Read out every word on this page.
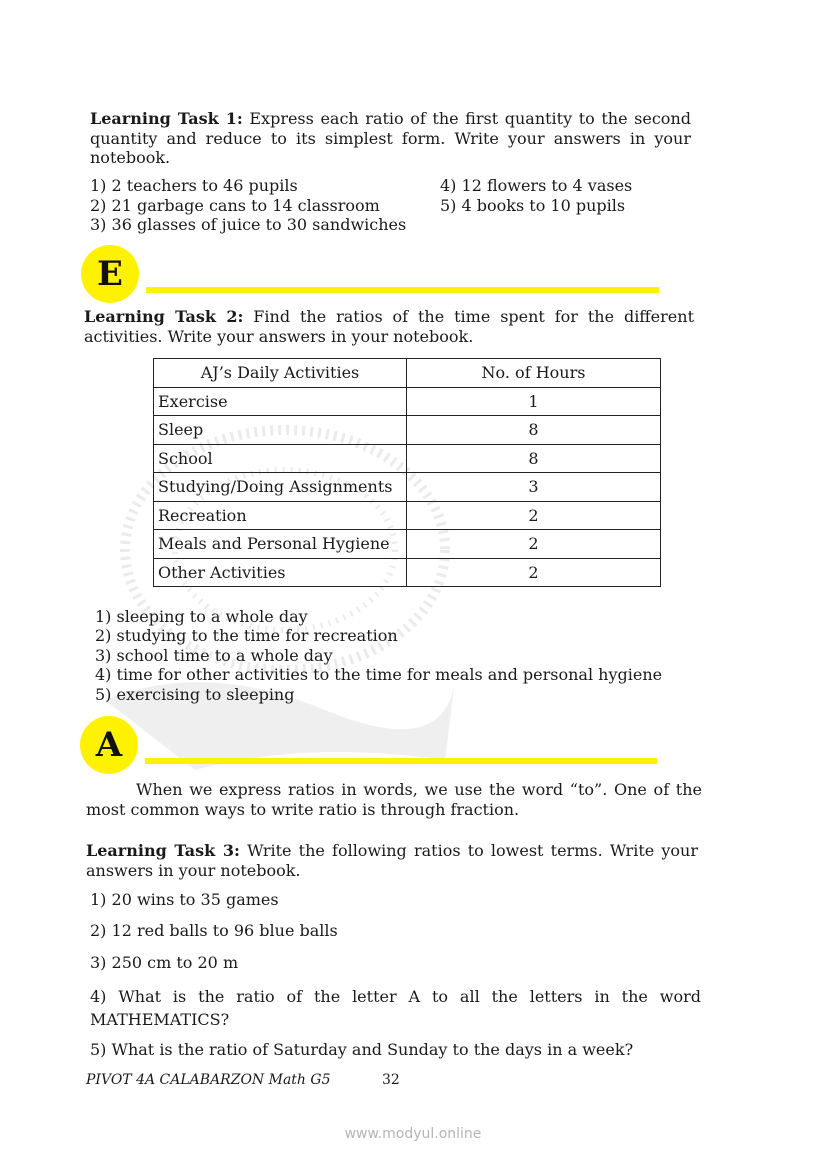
Learning Task 1: Express each ratio of the first quantity to the second quantity and reduce to its simplest form. Write your answers in your notebook.
1) 2 teachers to 46 pupils
2) 21 garbage cans to 14 classroom
3) 36 glasses of juice to 30 sandwiches
4) 12 flowers to 4 vases
5) 4 books to 10 pupils
E
Learning Task 2: Find the ratios of the time spent for the different activities. Write your answers in your notebook.
AJ’s Daily Activities	No. of Hours
Exercise	1
Sleep	8
School	8
Studying/Doing Assignments	3
Recreation	2
Meals and Personal Hygiene	2
Other Activities	2
1) sleeping to a whole day
2) studying to the time for recreation
3) school time to a whole day
4) time for other activities to the time for meals and personal hygiene
5) exercising to sleeping
A
When we express ratios in words, we use the word “to”. One of the most common ways to write ratio is through fraction.
Learning Task 3: Write the following ratios to lowest terms. Write your answers in your notebook.
1) 20 wins to 35 games
2) 12 red balls to 96 blue balls
3) 250 cm to 20 m
4) What is the ratio of the letter A to all the letters in the word MATHEMATICS?
5) What is the ratio of Saturday and Sunday to the days in a week?
PIVOT 4A CALABARZON Math G5	32
www.modyul.online
